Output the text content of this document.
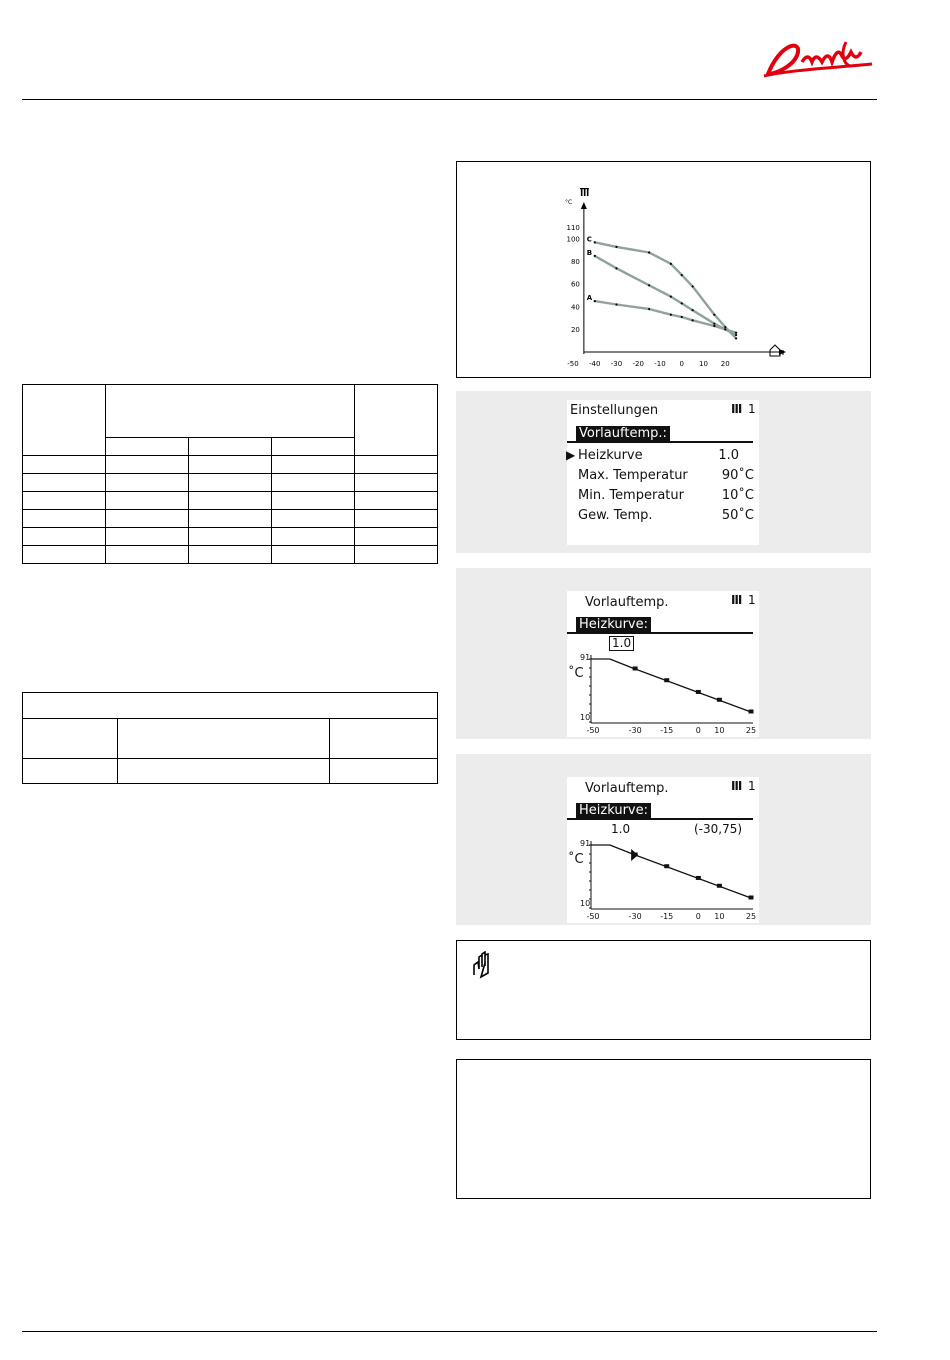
110
100
80
60
40
20
-50 -40 -30 -20 -10 0 10 20
C
B
A
°C
Einstellungen	Ⅲ 1
Vorlauftemp.:
▶ Heizkurve	1.0
Max. Temperatur	90˚C
Min. Temperatur	10˚C
Gew. Temp.	50˚C
Vorlauftemp.	Ⅲ 1
Heizkurve:
1.0
˚C
91
10
-50	-30 -15	0 10	25
Vorlauftemp.	Ⅲ 1
Heizkurve:
1.0	(-30,75)
˚C
91
10
-50	-30 -15	0 10	25
